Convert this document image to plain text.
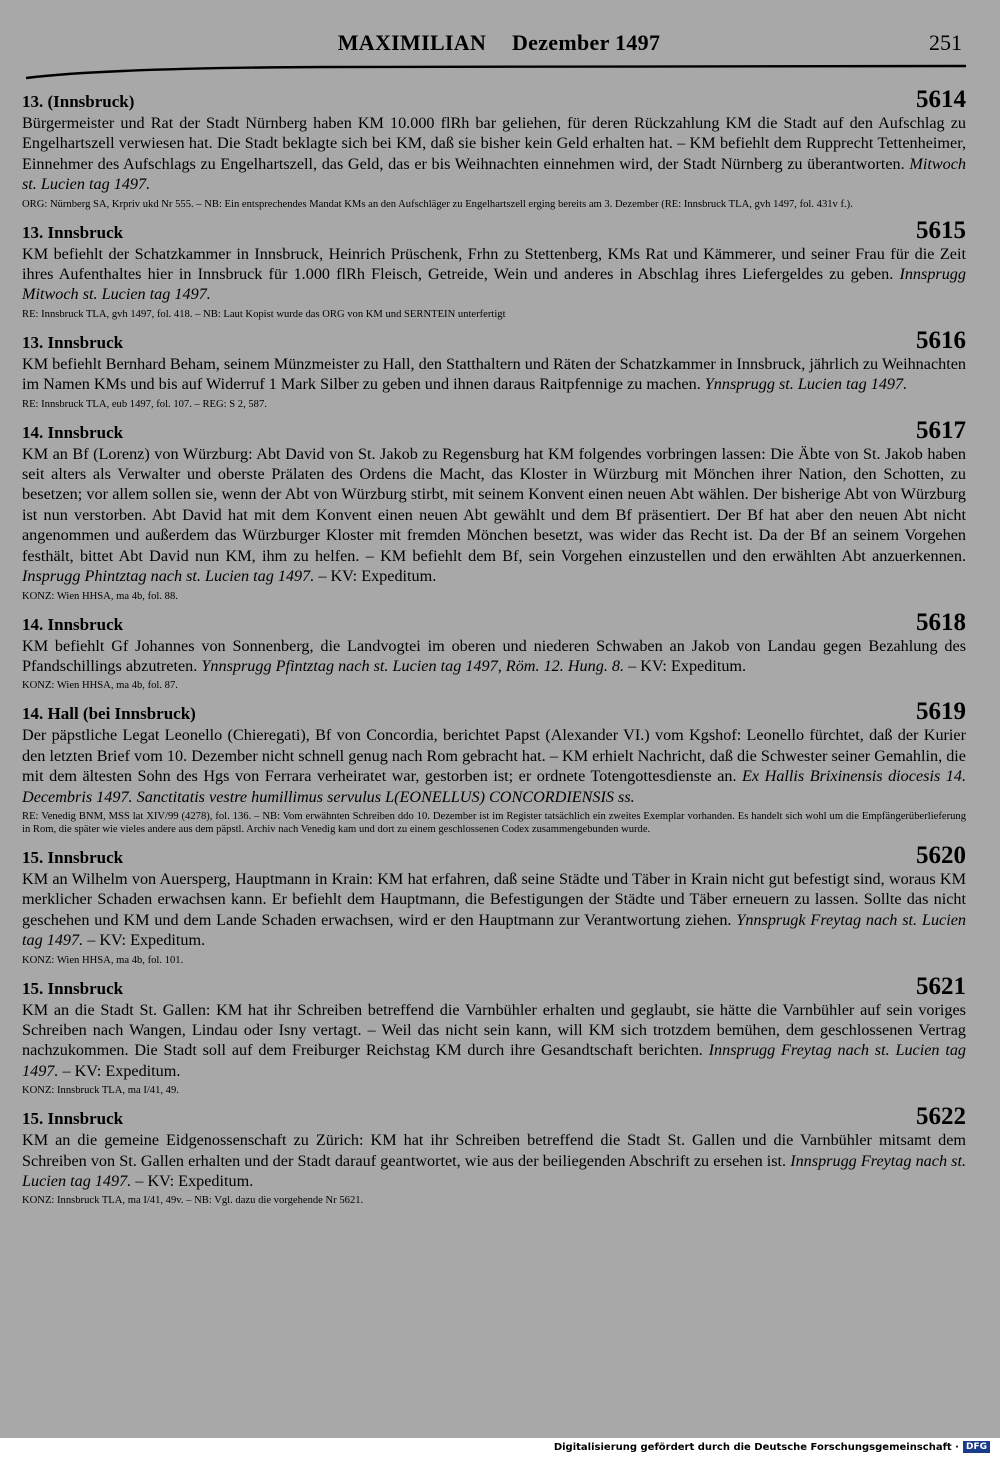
MAXIMILIAN Dezember 1497	251
13. (Innsbruck)	5614
Bürgermeister und Rat der Stadt Nürnberg haben KM 10.000 flRh bar geliehen, für deren Rückzahlung KM die Stadt auf den Aufschlag zu Engelhartszell verwiesen hat. Die Stadt beklagte sich bei KM, daß sie bisher kein Geld erhalten hat. – KM befiehlt dem Rupprecht Tettenheimer, Einnehmer des Aufschlags zu Engelhartszell, das Geld, das er bis Weihnachten einnehmen wird, der Stadt Nürnberg zu überantworten. Mitwoch st. Lucien tag 1497.
ORG: Nürnberg SA, Krpriv ukd Nr 555. – NB: Ein entsprechendes Mandat KMs an den Aufschläger zu Engelhartszell erging bereits am 3. Dezember (RE: Innsbruck TLA, gvh 1497, fol. 431v f.).
13. Innsbruck	5615
KM befiehlt der Schatzkammer in Innsbruck, Heinrich Prüschenk, Frhn zu Stettenberg, KMs Rat und Kämmerer, und seiner Frau für die Zeit ihres Aufenthaltes hier in Innsbruck für 1.000 flRh Fleisch, Getreide, Wein und anderes in Abschlag ihres Liefergeldes zu geben. Innsprugg Mitwoch st. Lucien tag 1497.
RE: Innsbruck TLA, gvh 1497, fol. 418. – NB: Laut Kopist wurde das ORG von KM und SERNTEIN unterfertigt
13. Innsbruck	5616
KM befiehlt Bernhard Beham, seinem Münzmeister zu Hall, den Statthaltern und Räten der Schatzkammer in Innsbruck, jährlich zu Weihnachten im Namen KMs und bis auf Widerruf 1 Mark Silber zu geben und ihnen daraus Raitpfennige zu machen. Ynnsprugg st. Lucien tag 1497.
RE: Innsbruck TLA, eub 1497, fol. 107. – REG: S 2, 587.
14. Innsbruck	5617
KM an Bf (Lorenz) von Würzburg: Abt David von St. Jakob zu Regensburg hat KM folgendes vorbringen lassen: Die Äbte von St. Jakob haben seit alters als Verwalter und oberste Prälaten des Ordens die Macht, das Kloster in Würzburg mit Mönchen ihrer Nation, den Schotten, zu besetzen; vor allem sollen sie, wenn der Abt von Würzburg stirbt, mit seinem Konvent einen neuen Abt wählen. Der bisherige Abt von Würzburg ist nun verstorben. Abt David hat mit dem Konvent einen neuen Abt gewählt und dem Bf präsentiert. Der Bf hat aber den neuen Abt nicht angenommen und außerdem das Würzburger Kloster mit fremden Mönchen besetzt, was wider das Recht ist. Da der Bf an seinem Vorgehen festhält, bittet Abt David nun KM, ihm zu helfen. – KM befiehlt dem Bf, sein Vorgehen einzustellen und den erwählten Abt anzuerkennen. Insprugg Phintztag nach st. Lucien tag 1497. – KV: Expeditum.
KONZ: Wien HHSA, ma 4b, fol. 88.
14. Innsbruck	5618
KM befiehlt Gf Johannes von Sonnenberg, die Landvogtei im oberen und niederen Schwaben an Jakob von Landau gegen Bezahlung des Pfandschillings abzutreten. Ynnsprugg Pfintztag nach st. Lucien tag 1497, Röm. 12. Hung. 8. – KV: Expeditum.
KONZ: Wien HHSA, ma 4b, fol. 87.
14. Hall (bei Innsbruck)	5619
Der päpstliche Legat Leonello (Chieregati), Bf von Concordia, berichtet Papst (Alexander VI.) vom Kgshof: Leonello fürchtet, daß der Kurier den letzten Brief vom 10. Dezember nicht schnell genug nach Rom gebracht hat. – KM erhielt Nachricht, daß die Schwester seiner Gemahlin, die mit dem ältesten Sohn des Hgs von Ferrara verheiratet war, gestorben ist; er ordnete Totengottesdienste an. Ex Hallis Brixinensis diocesis 14. Decembris 1497. Sanctitatis vestre humillimus servulus L(EONELLUS) CONCORDIENSIS ss.
RE: Venedig BNM, MSS lat XIV/99 (4278), fol. 136. – NB: Vom erwähnten Schreiben ddo 10. Dezember ist im Register tatsächlich ein zweites Exemplar vorhanden. Es handelt sich wohl um die Empfängerüberlieferung in Rom, die später wie vieles andere aus dem päpstl. Archiv nach Venedig kam und dort zu einem geschlossenen Codex zusammengebunden wurde.
15. Innsbruck	5620
KM an Wilhelm von Auersperg, Hauptmann in Krain: KM hat erfahren, daß seine Städte und Täber in Krain nicht gut befestigt sind, woraus KM merklicher Schaden erwachsen kann. Er befiehlt dem Hauptmann, die Befestigungen der Städte und Täber erneuern zu lassen. Sollte das nicht geschehen und KM und dem Lande Schaden erwachsen, wird er den Hauptmann zur Verantwortung ziehen. Ynnsprugk Freytag nach st. Lucien tag 1497. – KV: Expeditum.
KONZ: Wien HHSA, ma 4b, fol. 101.
15. Innsbruck	5621
KM an die Stadt St. Gallen: KM hat ihr Schreiben betreffend die Varnbühler erhalten und geglaubt, sie hätte die Varnbühler auf sein voriges Schreiben nach Wangen, Lindau oder Isny vertagt. – Weil das nicht sein kann, will KM sich trotzdem bemühen, dem geschlossenen Vertrag nachzukommen. Die Stadt soll auf dem Freiburger Reichstag KM durch ihre Gesandtschaft berichten. Innsprugg Freytag nach st. Lucien tag 1497. – KV: Expeditum.
KONZ: Innsbruck TLA, ma I/41, 49.
15. Innsbruck	5622
KM an die gemeine Eidgenossenschaft zu Zürich: KM hat ihr Schreiben betreffend die Stadt St. Gallen und die Varnbühler mitsamt dem Schreiben von St. Gallen erhalten und der Stadt darauf geantwortet, wie aus der beiliegenden Abschrift zu ersehen ist. Innsprugg Freytag nach st. Lucien tag 1497. – KV: Expeditum.
KONZ: Innsbruck TLA, ma I/41, 49v. – NB: Vgl. dazu die vorgehende Nr 5621.
Digitalisierung gefördert durch die Deutsche Forschungsgemeinschaft · DFG
